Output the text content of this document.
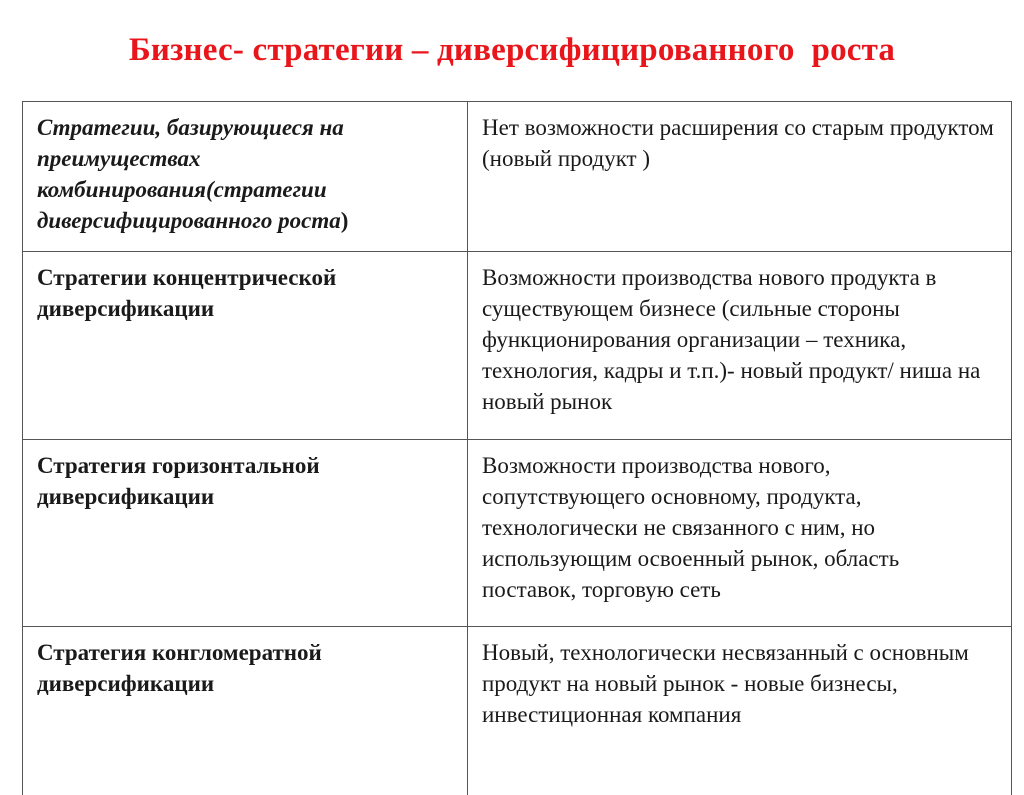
Бизнес- стратегии – диверсифицированного  роста
Стратегии, базирующиеся на преимуществах комбинирования(стратегии диверсифицированного роста)	Нет возможности расширения со старым продуктом (новый продукт )
Стратегии концентрической диверсификации	Возможности производства нового продукта в существующем бизнесе (сильные стороны функционирования организации – техника, технология, кадры и т.п.)- новый продукт/ ниша на новый рынок
Стратегия горизонтальной диверсификации	Возможности производства нового, сопутствующего основному, продукта, технологически не связанного с ним, но использующим освоенный рынок, область поставок, торговую сеть
Стратегия конгломератной диверсификации	Новый, технологически несвязанный с основным продукт на новый рынок - новые бизнесы, инвестиционная компания
